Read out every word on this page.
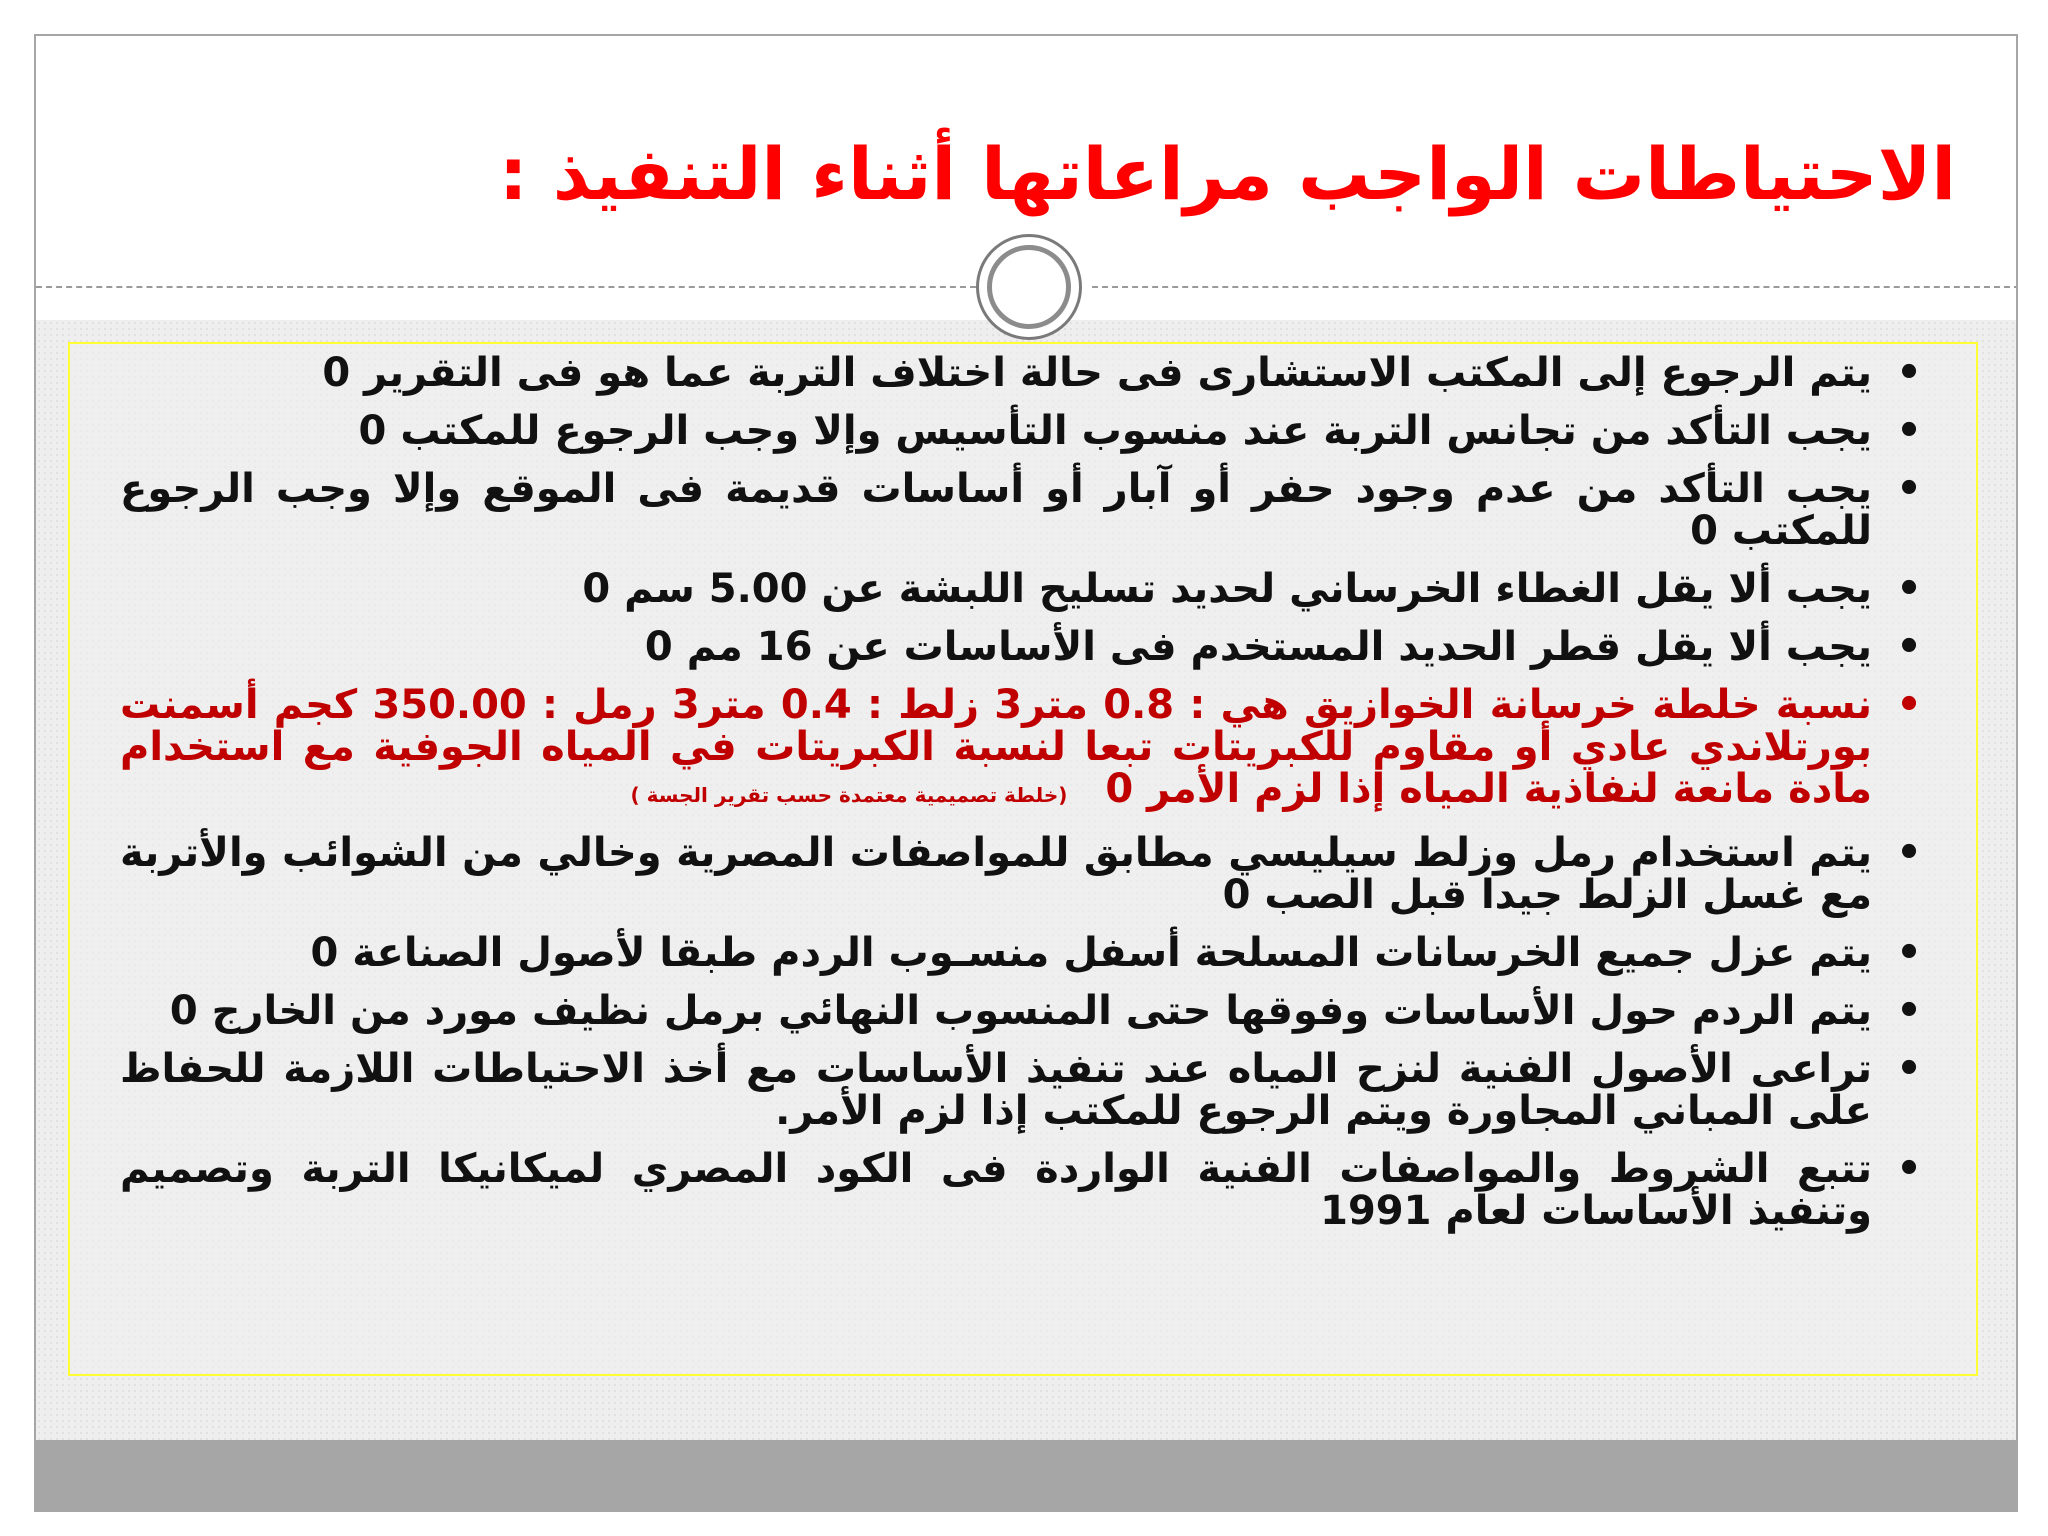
الاحتياطات الواجب مراعاتها أثناء التنفيذ :
•
يتم الرجوع إلى المكتب الاستشارى فى حالة اختلاف التربة عما هو فى التقرير 0
•
يجب التأكد من تجانس التربة عند منسوب التأسيس وإلا وجب الرجوع للمكتب 0
•
يجب التأكد من عدم وجود حفر أو آبار أو أساسات قديمة فى الموقع وإلا وجب الرجوع للمكتب 0
•
يجب ألا يقل الغطاء الخرساني لحديد تسليح اللبشة عن 5.00 سم 0
•
يجب ألا يقل قطر الحديد المستخدم فى الأساسات عن 16 مم 0
•
نسبة خلطة خرسانة الخوازيق هي : 0.8 متر3 زلط : 0.4 متر3 رمل : 350.00 كجم أسمنت بورتلاندي عادي أو مقاوم للكبريتات تبعا لنسبة الكبريتات في المياه الجوفية مع استخدام مادة مانعة لنفاذية المياه إذا لزم الأمر 0 (خلطة تصميمية معتمدة حسب تقرير الجسة )
•
يتم استخدام رمل وزلط سيليسي مطابق للمواصفات المصرية وخالي من الشوائب والأتربة مع غسل الزلط جيدا قبل الصب 0
•
يتم عزل جميع الخرسانات المسلحة أسفل منسـوب الردم طبقا لأصول الصناعة 0
•
يتم الردم حول الأساسات وفوقها حتى المنسوب النهائي برمل نظيف مورد من الخارج 0
•
تراعى الأصول الفنية لنزح المياه عند تنفيذ الأساسات مع أخذ الاحتياطات اللازمة للحفاظ على المباني المجاورة ويتم الرجوع للمكتب إذا لزم الأمر.
•
تتبع الشروط والمواصفات الفنية الواردة فى الكود المصري لميكانيكا التربة وتصميم وتنفيذ الأساسات لعام 1991
